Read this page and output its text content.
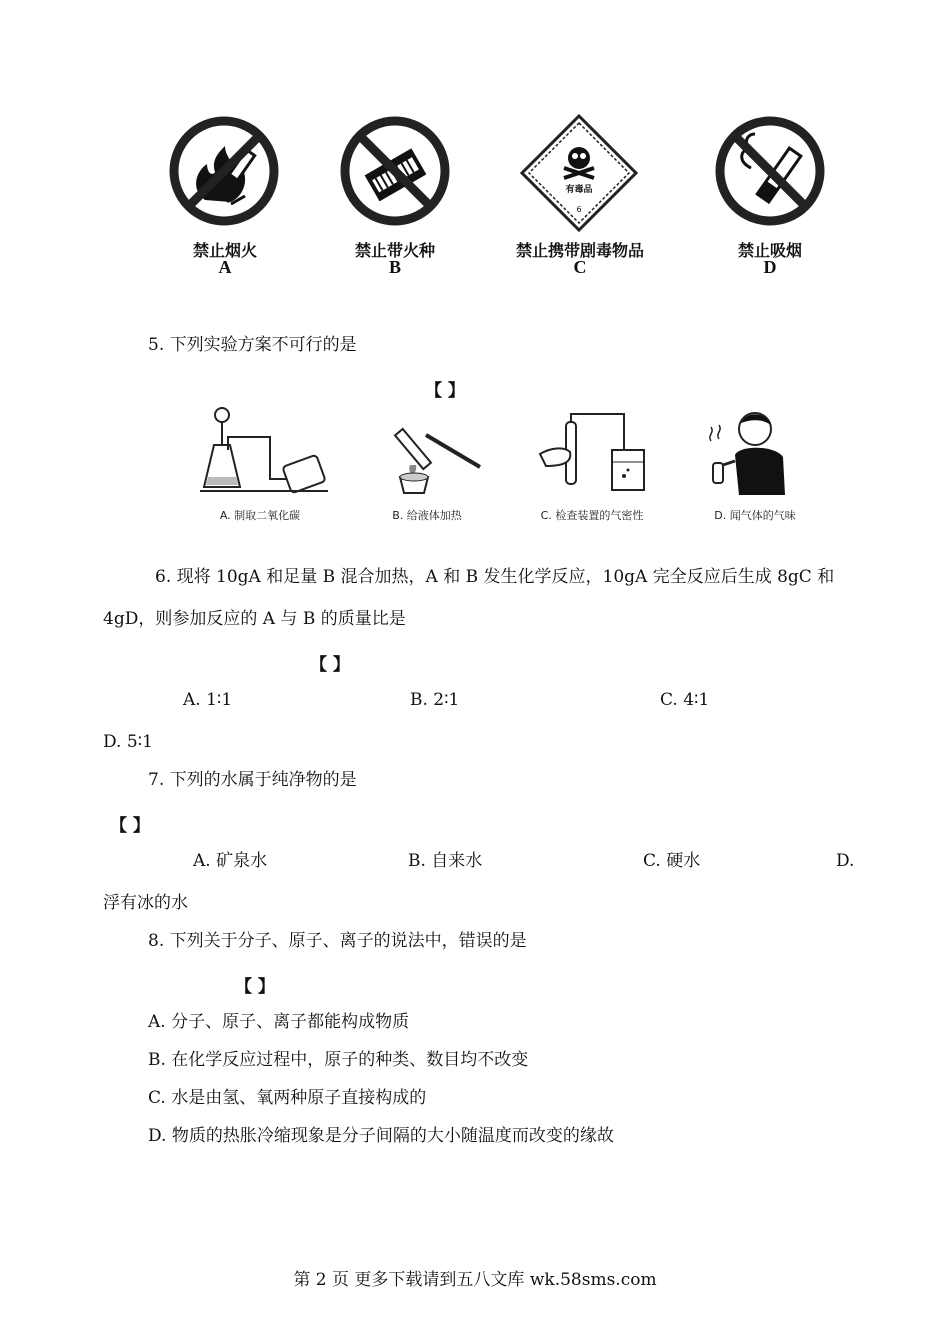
禁止烟火
A
禁止带火种
B
有毒品
6
禁止携带剧毒物品
C
禁止吸烟
D
5. 下列实验方案不可行的是
【 】
A. 制取二氧化碳	B. 给液体加热	C. 检查装置的气密性	D. 闻气体的气味
6. 现将 10gA 和足量 B 混合加热，A 和 B 发生化学反应，10gA 完全反应后生成 8gC 和
4gD，则参加反应的 A 与 B 的质量比是
【 】
A. 1∶1	B. 2∶1	C. 4∶1
D. 5∶1
7. 下列的水属于纯净物的是
【 】
A. 矿泉水	B. 自来水	C. 硬水	D.
浮有冰的水
8. 下列关于分子、原子、离子的说法中，错误的是
【 】
A. 分子、原子、离子都能构成物质
B. 在化学反应过程中，原子的种类、数目均不改变
C. 水是由氢、氧两种原子直接构成的
D. 物质的热胀冷缩现象是分子间隔的大小随温度而改变的缘故
第 2 页 更多下载请到五八文库 wk.58sms.com
